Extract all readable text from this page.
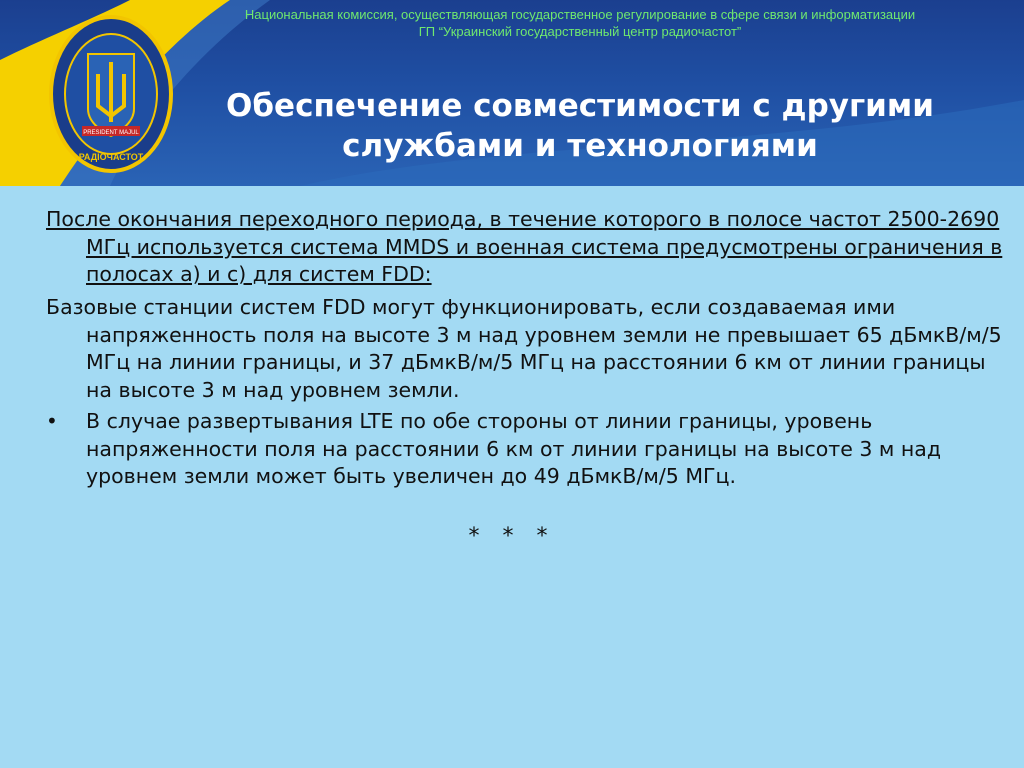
PRESIDENT MAJUL
РАДІОЧАСТОТ
Национальная комиссия, осуществляющая государственное регулирование в сфере связи и информатизации
ГП “Украинский государственный центр радиочастот”
Обеспечение совместимости с другими
службами и технологиями
После окончания переходного периода, в течение которого в полосе частот 2500-2690 МГц используется система MMDS и военная система предусмотрены ограничения в полосах а) и с) для систем FDD:
Базовые станции систем FDD могут функционировать, если создаваемая ими напряженность поля на высоте 3 м над уровнем земли не превышает 65 дБмкВ/м/5 МГц на линии границы, и 37 дБмкВ/м/5 МГц на расстоянии 6 км от линии границы на высоте 3 м над уровнем земли.
• В случае развертывания LTE по обе стороны от линии границы, уровень напряженности поля на расстоянии 6 км от линии границы на высоте 3 м над уровнем земли может быть увеличен до 49 дБмкВ/м/5 МГц.
* * *
